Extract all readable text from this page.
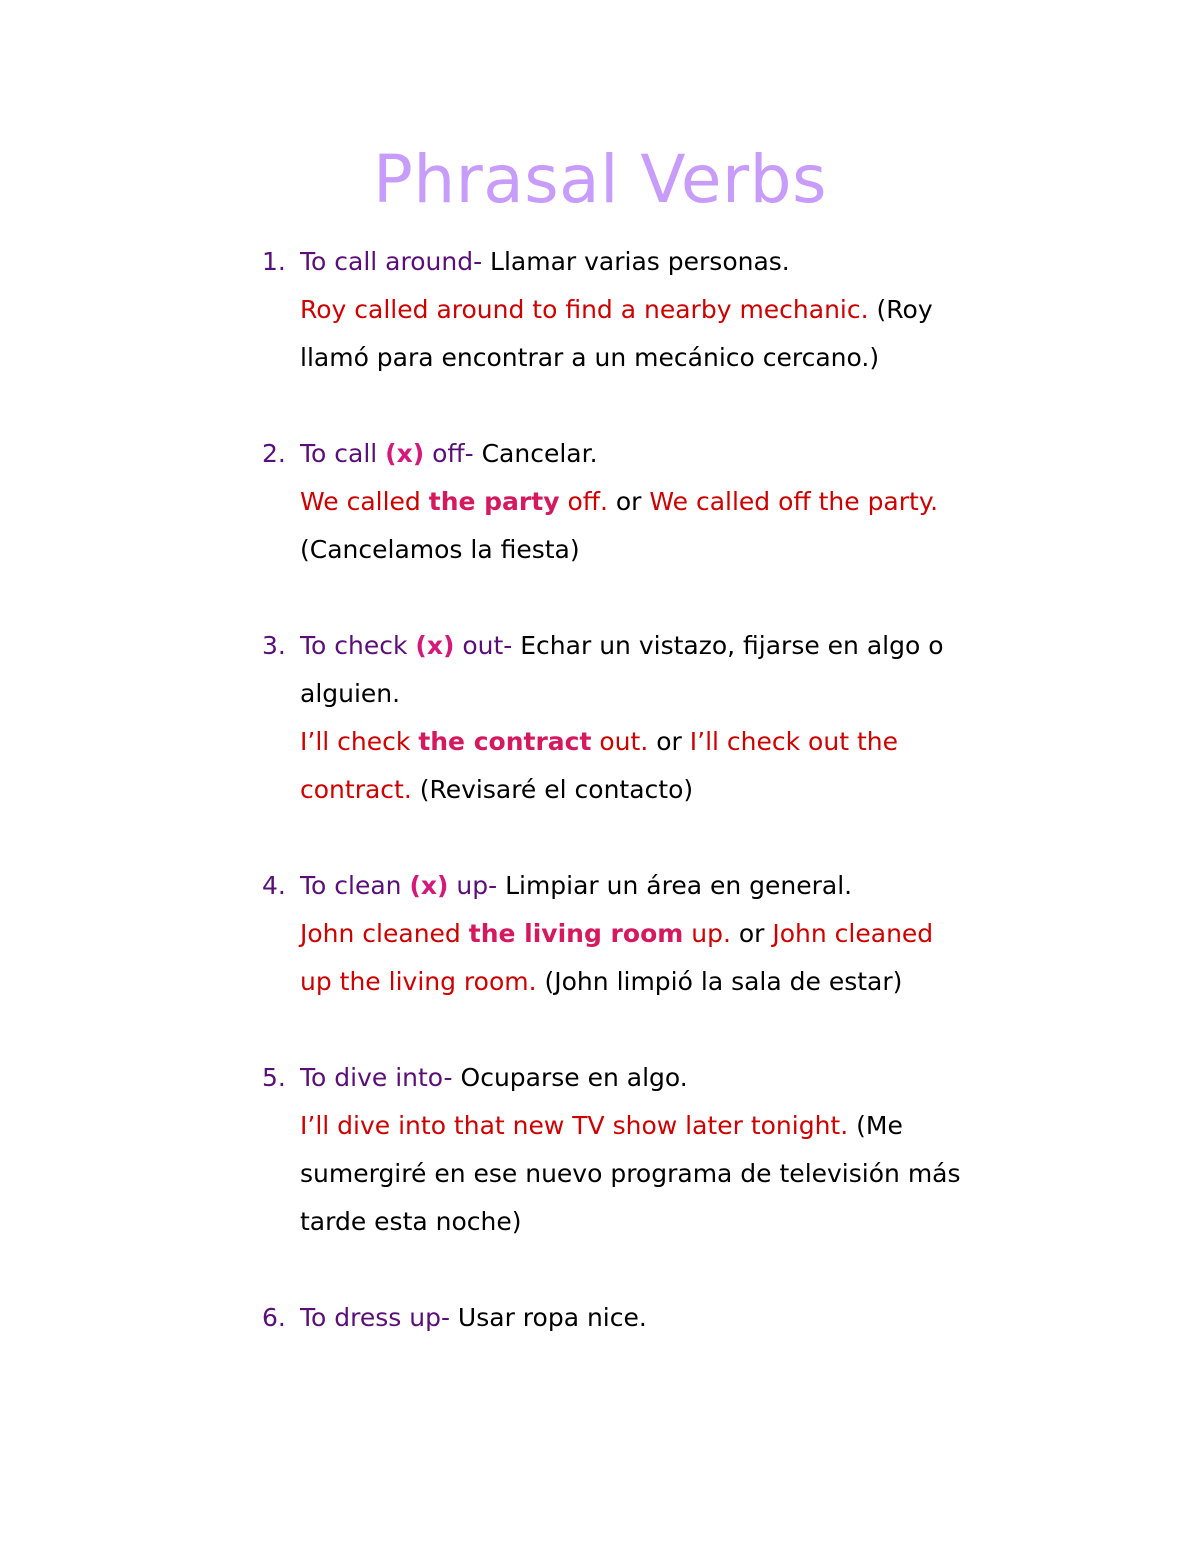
Phrasal Verbs
1. To call around- Llamar varias personas.
Roy called around to find a nearby mechanic. (Roy
llamó para encontrar a un mecánico cercano.)
2. To call (x) off- Cancelar.
We called the party off. or We called off the party.
(Cancelamos la fiesta)
3. To check (x) out- Echar un vistazo, fijarse en algo o
alguien.
I’ll check the contract out. or I’ll check out the
contract. (Revisaré el contacto)
4. To clean (x) up- Limpiar un área en general.
John cleaned the living room up. or John cleaned
up the living room. (John limpió la sala de estar)
5. To dive into- Ocuparse en algo.
I’ll dive into that new TV show later tonight. (Me
sumergiré en ese nuevo programa de televisión más
tarde esta noche)
6. To dress up- Usar ropa nice.
